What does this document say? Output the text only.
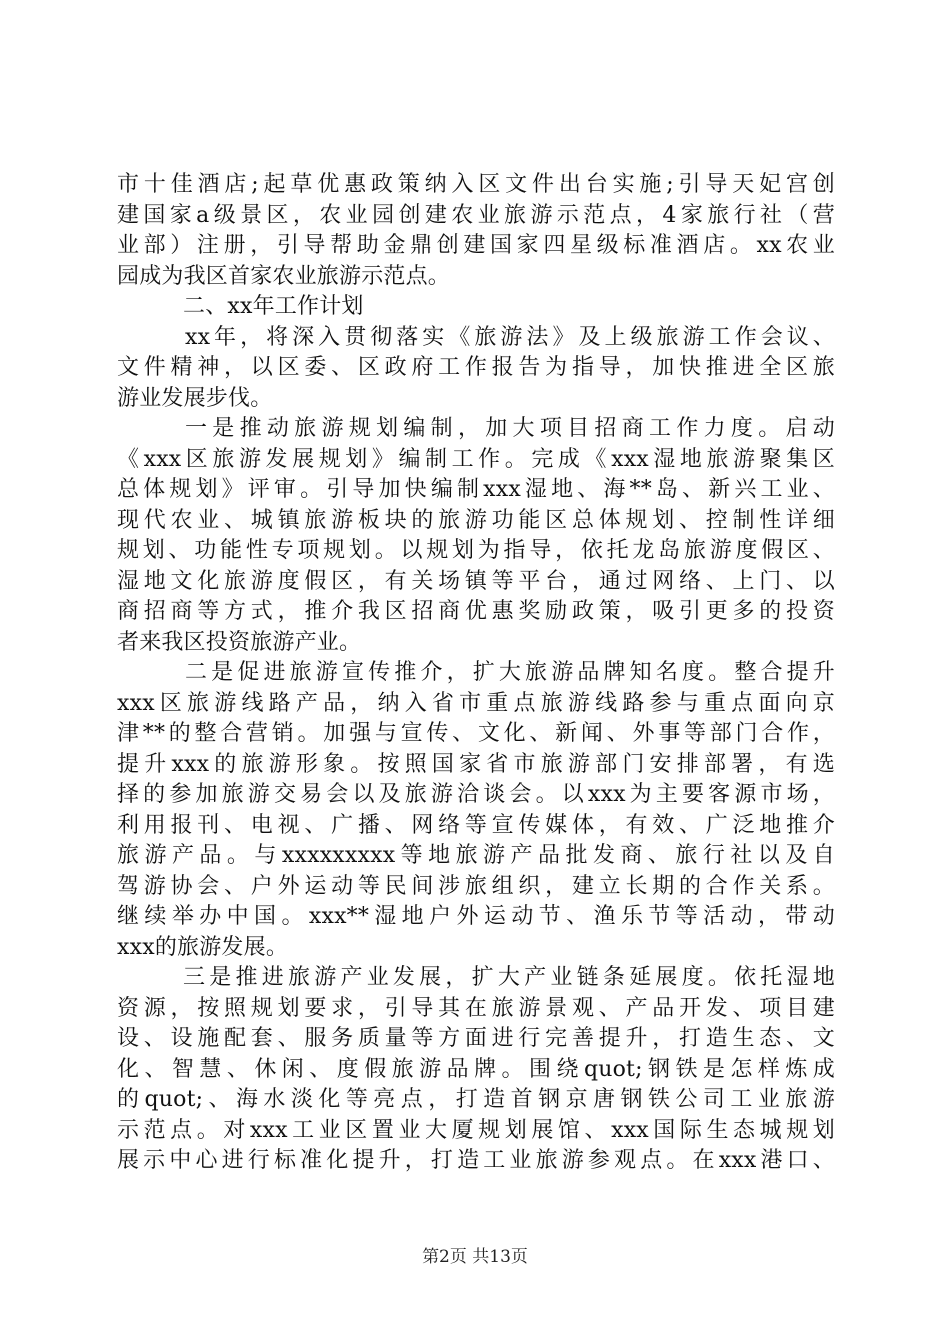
市十佳酒店;起草优惠政策纳入区文件出台实施;引导天妃宫创
建国家a级景区，农业园创建农业旅游示范点，4家旅行社（营
业部）注册，引导帮助金鼎创建国家四星级标准酒店。xx农业
园成为我区首家农业旅游示范点。
二、xx年工作计划
xx年，将深入贯彻落实《旅游法》及上级旅游工作会议、
文件精神，以区委、区政府工作报告为指导，加快推进全区旅
游业发展步伐。
一是推动旅游规划编制，加大项目招商工作力度。启动
《xxx区旅游发展规划》编制工作。完成《xxx湿地旅游聚集区
总体规划》评审。引导加快编制xxx湿地、海**岛、新兴工业、
现代农业、城镇旅游板块的旅游功能区总体规划、控制性详细
规划、功能性专项规划。以规划为指导，依托龙岛旅游度假区、
湿地文化旅游度假区，有关场镇等平台，通过网络、上门、以
商招商等方式，推介我区招商优惠奖励政策，吸引更多的投资
者来我区投资旅游产业。
二是促进旅游宣传推介，扩大旅游品牌知名度。整合提升
xxx区旅游线路产品，纳入省市重点旅游线路参与重点面向京
津**的整合营销。加强与宣传、文化、新闻、外事等部门合作，
提升xxx的旅游形象。按照国家省市旅游部门安排部署，有选
择的参加旅游交易会以及旅游洽谈会。以xxx为主要客源市场，
利用报刊、电视、广播、网络等宣传媒体，有效、广泛地推介
旅游产品。与xxxxxxxxx等地旅游产品批发商、旅行社以及自
驾游协会、户外运动等民间涉旅组织，建立长期的合作关系。
继续举办中国。xxx**湿地户外运动节、渔乐节等活动，带动
xxx的旅游发展。
三是推进旅游产业发展，扩大产业链条延展度。依托湿地
资源，按照规划要求，引导其在旅游景观、产品开发、项目建
设、设施配套、服务质量等方面进行完善提升，打造生态、文
化、智慧、休闲、度假旅游品牌。围绕quot;钢铁是怎样炼成
的quot;、海水淡化等亮点，打造首钢京唐钢铁公司工业旅游
示范点。对xxx工业区置业大厦规划展馆、xxx国际生态城规划
展示中心进行标准化提升，打造工业旅游参观点。在xxx港口、
第2页 共13页
